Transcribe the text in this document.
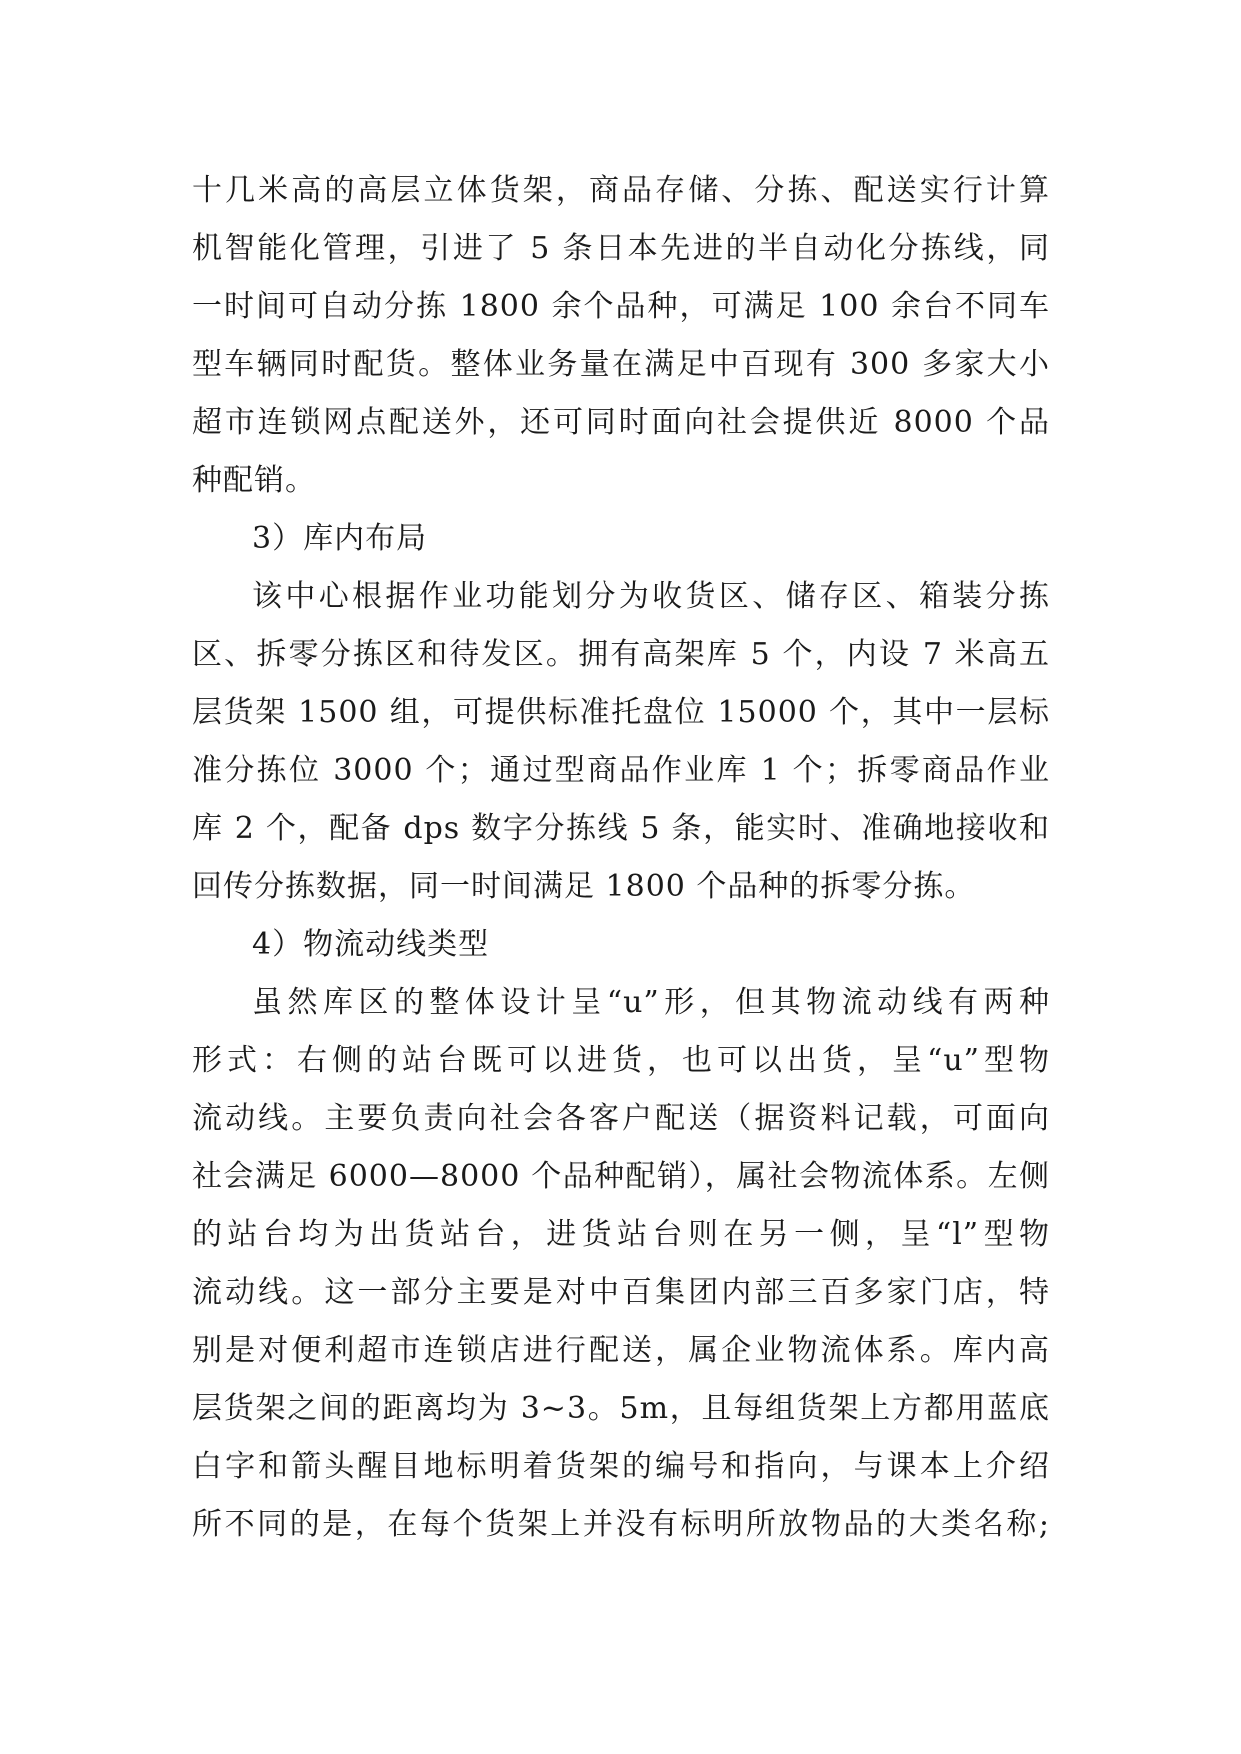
十几米高的高层立体货架，商品存储、分拣、配送实行计算
机智能化管理，引进了 5 条日本先进的半自动化分拣线，同
一时间可自动分拣 1800 余个品种，可满足 100 余台不同车
型车辆同时配货。整体业务量在满足中百现有 300 多家大小
超市连锁网点配送外，还可同时面向社会提供近 8000 个品
种配销。
3）库内布局
该中心根据作业功能划分为收货区、储存区、箱装分拣
区、拆零分拣区和待发区。拥有高架库 5 个，内设 7 米高五
层货架 1500 组，可提供标准托盘位 15000 个，其中一层标
准分拣位 3000 个；通过型商品作业库 1 个；拆零商品作业
库 2 个，配备 dps 数字分拣线 5 条，能实时、准确地接收和
回传分拣数据，同一时间满足 1800 个品种的拆零分拣。
4）物流动线类型
虽然库区的整体设计呈“u”形，但其物流动线有两种
形式：右侧的站台既可以进货，也可以出货，呈“u”型物
流动线。主要负责向社会各客户配送（据资料记载，可面向
社会满足 6000—8000 个品种配销），属社会物流体系。左侧
的站台均为出货站台，进货站台则在另一侧，呈“l”型物
流动线。这一部分主要是对中百集团内部三百多家门店，特
别是对便利超市连锁店进行配送，属企业物流体系。库内高
层货架之间的距离均为 3~3。5m，且每组货架上方都用蓝底
白字和箭头醒目地标明着货架的编号和指向，与课本上介绍
所不同的是，在每个货架上并没有标明所放物品的大类名称;
